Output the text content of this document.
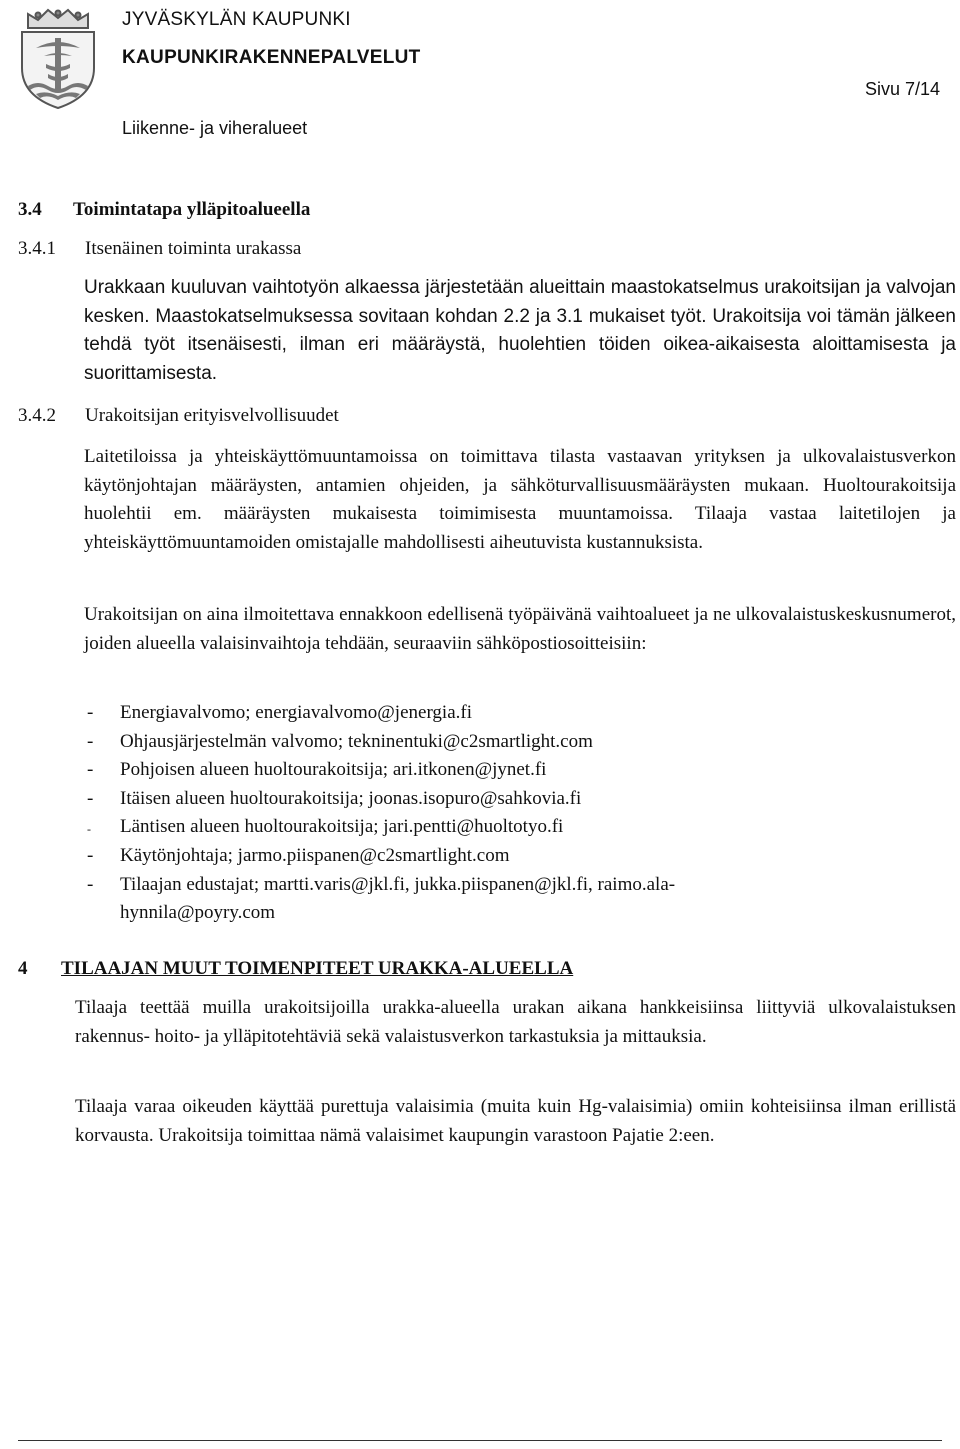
JYVÄSKYLÄN KAUPUNKI
KAUPUNKIRAKENNEPALVELUT
Sivu 7/14
Liikenne- ja viheralueet
3.4 Toimintatapa ylläpitoalueella
3.4.1 Itsenäinen toiminta urakassa
Urakkaan kuuluvan vaihtotyön alkaessa järjestetään alueittain maastokatselmus urakoitsijan ja valvojan kesken. Maastokatselmuksessa sovitaan kohdan 2.2 ja 3.1 mukaiset työt. Urakoitsija voi tämän jälkeen tehdä työt itsenäisesti, ilman eri määräystä, huolehtien töiden oikea-aikaisesta aloittamisesta ja suorittamisesta.
3.4.2 Urakoitsijan erityisvelvollisuudet
Laitetiloissa ja yhteiskäyttömuuntamoissa on toimittava tilasta vastaavan yrityksen ja ulkovalaistusverkon käytönjohtajan määräysten, antamien ohjeiden, ja sähköturvallisuusmääräysten mukaan. Huoltourakoitsija huolehtii em. määräysten mukaisesta toimimisesta muuntamoissa. Tilaaja vastaa laitetilojen ja yhteiskäyttömuuntamoiden omistajalle mahdollisesti aiheutuvista kustannuksista.
Urakoitsijan on aina ilmoitettava ennakkoon edellisenä työpäivänä vaihtoalueet ja ne ulkovalaistuskeskusnumerot, joiden alueella valaisinvaihtoja tehdään, seuraaviin sähköpostiosoitteisiin:
- Energiavalvomo; energiavalvomo@jenergia.fi
- Ohjausjärjestelmän valvomo; tekninentuki@c2smartlight.com
- Pohjoisen alueen huoltourakoitsija; ari.itkonen@jynet.fi
- Itäisen alueen huoltourakoitsija; joonas.isopuro@sahkovia.fi
- Läntisen alueen huoltourakoitsija; jari.pentti@huoltotyo.fi
- Käytönjohtaja; jarmo.piispanen@c2smartlight.com
- Tilaajan edustajat; martti.varis@jkl.fi, jukka.piispanen@jkl.fi, raimo.alahynnila@poyry.com
4 TILAAJAN MUUT TOIMENPITEET URAKKA-ALUEELLA
Tilaaja teettää muilla urakoitsijoilla urakka-alueella urakan aikana hankkeisiinsa liittyviä ulkovalaistuksen rakennus- hoito- ja ylläpitotehtäviä sekä valaistusverkon tarkastuksia ja mittauksia.
Tilaaja varaa oikeuden käyttää purettuja valaisimia (muita kuin Hg-valaisimia) omiin kohteisiinsa ilman erillistä korvausta. Urakoitsija toimittaa nämä valaisimet kaupungin varastoon Pajatie 2:een.
